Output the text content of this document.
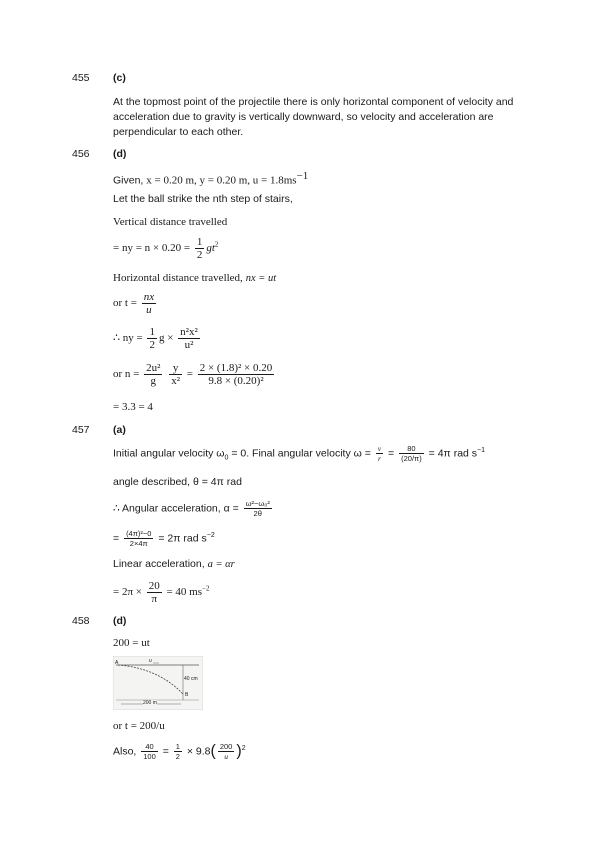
455 (c)
At the topmost point of the projectile there is only horizontal component of velocity and acceleration due to gravity is vertically downward, so velocity and acceleration are perpendicular to each other.
456 (d)
Given, x = 0.20 m, y = 0.20 m, $u = 1.8ms^{-1}$
Let the ball strike the nth step of stairs,
Vertical distance travelled
= ny = $n \times 0.20 = \frac{1}{2} gt^2$
Horizontal distance travelled, nx = ut
or $t = \frac{nx}{u}$
∴ ny = $\frac{1}{2}$ $g \times \frac{\text{n²x²}}{\text{u²}}$
or $n = \frac{\text{2u²}}{g}$
$\frac{y}{\text{x²}} = \frac{\text{2 × (1.8)² × 0.20}}{\text{9.8 × (0.20)²}}$
= 3.3 = 4
457 (a)
Initial angular velocity $\omega_0 = 0$. Final angular velocity $\omega = \frac{v}{r} = \frac{80}{(20/\pi)} = 4\pi$ rad $s^{-1}$
angle described, θ = 4π rad
∴ Angular acceleration, $\alpha = \frac{\text{ω²−ω₀²}}{2\theta}$
= $\frac{\text{(4π)²−0}}{2\times 4\pi} = 2\pi$ rad $s^{-2}$
Linear acceleration, a = αr
= $2\pi \times \frac{20}{\pi} = 40$ $ms^{-2}$
458 (d)
200 = ut
A	u
40 cm
200 m
B
or t = 200/u
Also, $\frac{40}{100} = \frac{1}{2} \times 9.8( \frac{200}{u} )^2$
